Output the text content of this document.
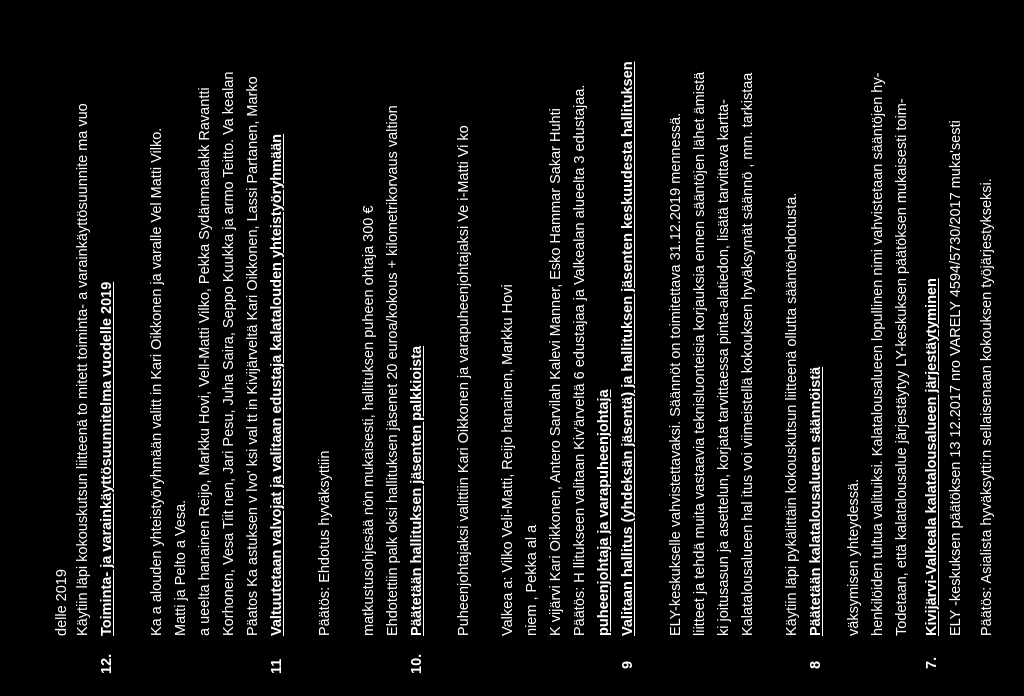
Päätös: Asialista hyväksytti:n sellaisenaan kokouksen työjärjestykseksi.
7.
Kivijärvi-Valkeala kalatalousalueen järjestäytyminen ELY -keskuksen päätöksen 13 12.2017 nro VARELY 4594/5730/2017 muka'sesti
Todetaan, että kalatalousalue järjestäytyy LY-keskuksen päätöksen mukaisesti toim-
henkilöiden tultua valituiksi. Kalatalousalueen lopullinen nimi vahvistetaan sääntöjen hy-
väksymisen yhteydessä.
8
Päätetään kalatalousalueen säännöistä
Käytiin läpi pykälittäin kokouskutsun liitteenä ollutta sääntöehdotusta.
Kalatalousalueen hal itus voi viimeistellä kokouksen hyväksymät säännö , mm. tarkistaa
ki joitusasun ja asettelun, korjata tarvittaessa pinta-alatiedon, lisätä tarvittava kartta-
liitteet ja tehdä muita vastaavia teknisluonteisia korjauksia ennen sääntöjen lähet ämistä
ELY-keskukselle vahvistettavaksi. Säännöt on toimitettava 31.12.2019 mennessä.
9
Valitaan hallitus (yhdeksän jäsentä) ja hallituksen jäsenten keskuudesta hallituksen
puheenjohtaja ja varapuheenjohtaja
Päätös: H llitukseen valitaan Kiv'ärveltä 6 edustajaa ja Valkealan alueelta 3 edustajaa.
K vijärvi Kari Oikkonen, Antero Sarvilah Kalevi Manner, Esko Hammar Sakar Huhti
niem , Pekka al a
Valkea a: Vilko Veli-Matti, Reijo hanainen, Markku Hovi
Puheenjohtajaksi valittiin Kari Oikkonen ja varapuheenjohtajaksi Ve i-Matti Vi ko
10.
Päätetään hallituksen jäsenten palkkioista
Ehdotettiin palk oksi hallituksen jäsenet 20 euroa/kokous + kilometrikorvaus valtion
matkustusohjesää nön mukaisesti, hallituksen puheen ohtaja 300 €
Päätös: Ehdotus hyväksyttiin
11
Valtuutetaan valvojat ja valitaan edustaja kalatalouden yhteistyöryhmään
Päatos Ka astuksen v lvo' ksi val tt in Kivijärveltä Kari Oikkonen, Lassi Partanen, Marko
Korhonen, Vesa Tiit nen, Jari Pesu, Juha Saira, Seppo Kuukka ja armo Teitto. Va kealan
a ueelta hanainen Reijo, Markku Hovi, Vell-Matti Vilko, Pekka Sydänmaalakk Ravantti
Matti ja Pelto a Vesa.
Ka a alouden yhteistyöryhmään valitt in Kari Oikkonen ja varalle Vel Matti Vilko.
12.
Toiminta- ja varainkäyttösuunnitelma vuodelle 2019
Käytiin läpi kokouskutsun liitteenä to mitett toiminta- a varainkäyttösuunnite ma vuo
delle 2019
